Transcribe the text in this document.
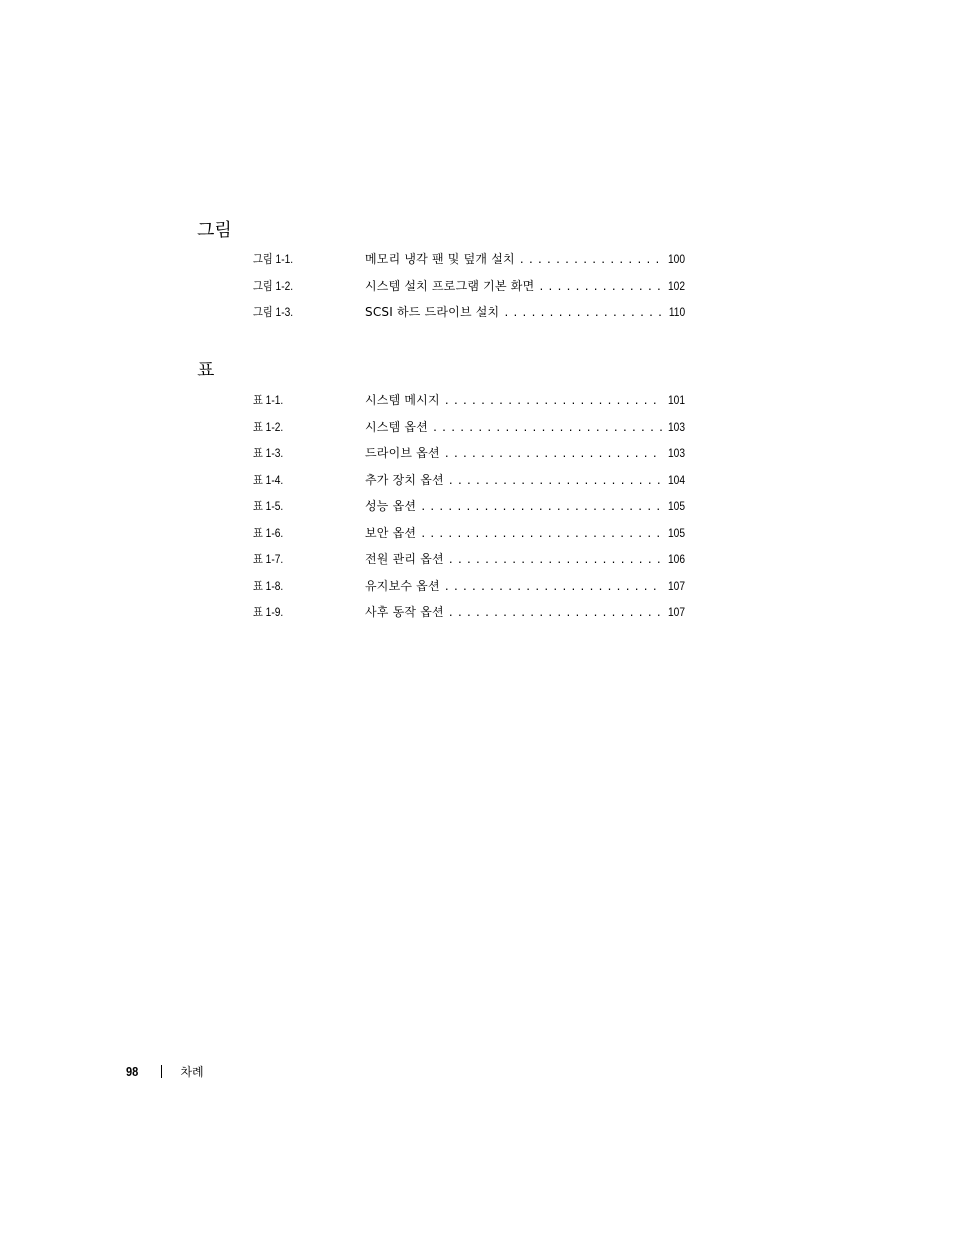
그림
그림 1-1.	메모리 냉각 팬 및 덮개 설치 . . .	100
그림 1-2.	시스템 설치 프로그램 기본 화면 . . .	102
그림 1-3.	SCSI 하드 드라이브 설치 . . .	110
표
표 1-1.	시스템 메시지 . . .	101
표 1-2.	시스템 옵션 . . .	103
표 1-3.	드라이브 옵션 . . .	103
표 1-4.	추가 장치 옵션 . . .	104
표 1-5.	성능 옵션 . . .	105
표 1-6.	보안 옵션 . . .	105
표 1-7.	전원 관리 옵션 . . .	106
표 1-8.	유지보수 옵션 . . .	107
표 1-9.	사후 동작 옵션 . . .	107
98	차례
